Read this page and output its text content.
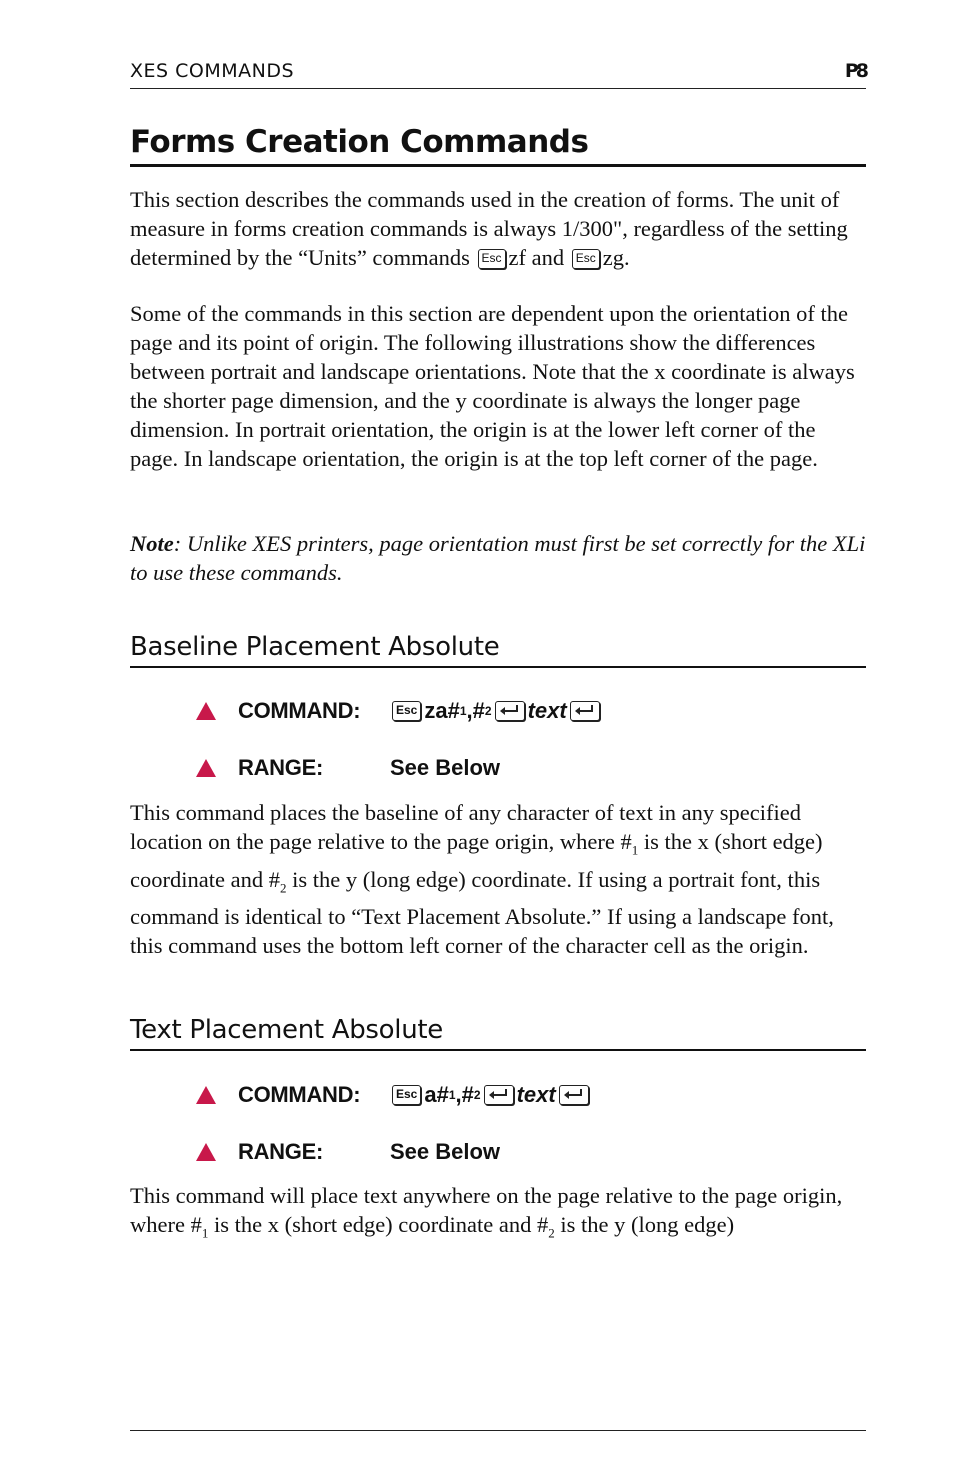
XES COMMANDS	P8
Forms Creation Commands

This section describes the commands used in the creation of forms. The unit of measure in forms creation commands is always 1/300", regardless of the setting determined by the “Units” commands Esc zf and Esc zg.

Some of the commands in this section are dependent upon the orientation of the page and its point of origin. The following illustrations show the differences between portrait and landscape orientations. Note that the x coordinate is always the shorter page dimension, and the y coordinate is always the longer page dimension. In portrait orientation, the origin is at the lower left corner of the page. In landscape orientation, the origin is at the top left corner of the page.

Note: Unlike XES printers, page orientation must first be set correctly for the XLi to use these commands.

Baseline Placement Absolute
COMMAND:	Esc za# 1 ,# 2 text
RANGE:	See Below

This command places the baseline of any character of text in any specified location on the page relative to the page origin, where $\#_1$ is the x (short edge) coordinate and $\#_2$ is the y (long edge) coordinate. If using a portrait font, this command is identical to “Text Placement Absolute.” If using a landscape font, this command uses the bottom left corner of the character cell as the origin.

Text Placement Absolute
COMMAND:	Esc a# 1 ,# 2 text
RANGE:	See Below

This command will place text anywhere on the page relative to the page origin, where $\#_1$ is the x (short edge) coordinate and $\#_2$ is the y (long edge)
